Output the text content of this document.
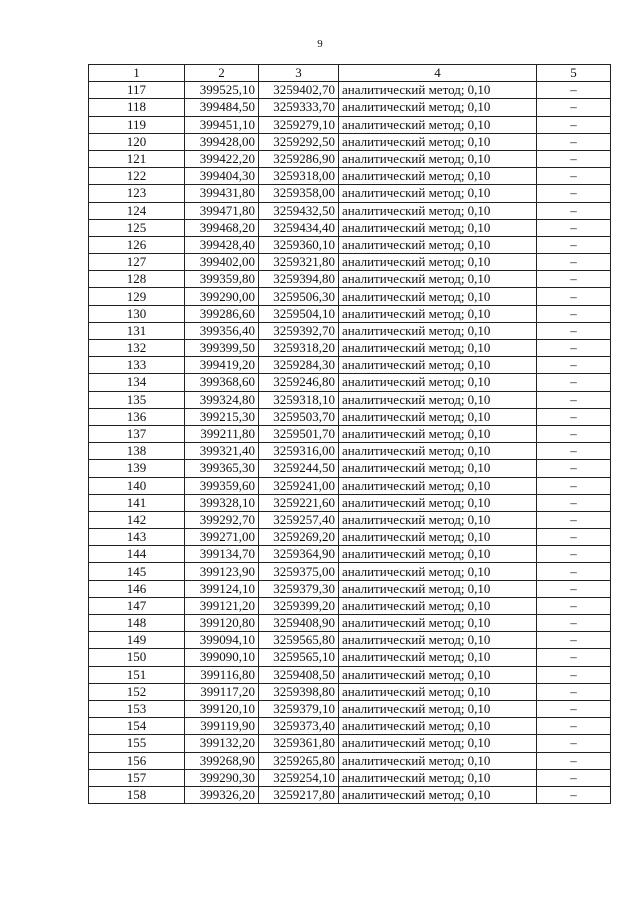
9
1	2	3	4	5
117	399525,10	3259402,70	аналитический метод; 0,10	–
118	399484,50	3259333,70	аналитический метод; 0,10	–
119	399451,10	3259279,10	аналитический метод; 0,10	–
120	399428,00	3259292,50	аналитический метод; 0,10	–
121	399422,20	3259286,90	аналитический метод; 0,10	–
122	399404,30	3259318,00	аналитический метод; 0,10	–
123	399431,80	3259358,00	аналитический метод; 0,10	–
124	399471,80	3259432,50	аналитический метод; 0,10	–
125	399468,20	3259434,40	аналитический метод; 0,10	–
126	399428,40	3259360,10	аналитический метод; 0,10	–
127	399402,00	3259321,80	аналитический метод; 0,10	–
128	399359,80	3259394,80	аналитический метод; 0,10	–
129	399290,00	3259506,30	аналитический метод; 0,10	–
130	399286,60	3259504,10	аналитический метод; 0,10	–
131	399356,40	3259392,70	аналитический метод; 0,10	–
132	399399,50	3259318,20	аналитический метод; 0,10	–
133	399419,20	3259284,30	аналитический метод; 0,10	–
134	399368,60	3259246,80	аналитический метод; 0,10	–
135	399324,80	3259318,10	аналитический метод; 0,10	–
136	399215,30	3259503,70	аналитический метод; 0,10	–
137	399211,80	3259501,70	аналитический метод; 0,10	–
138	399321,40	3259316,00	аналитический метод; 0,10	–
139	399365,30	3259244,50	аналитический метод; 0,10	–
140	399359,60	3259241,00	аналитический метод; 0,10	–
141	399328,10	3259221,60	аналитический метод; 0,10	–
142	399292,70	3259257,40	аналитический метод; 0,10	–
143	399271,00	3259269,20	аналитический метод; 0,10	–
144	399134,70	3259364,90	аналитический метод; 0,10	–
145	399123,90	3259375,00	аналитический метод; 0,10	–
146	399124,10	3259379,30	аналитический метод; 0,10	–
147	399121,20	3259399,20	аналитический метод; 0,10	–
148	399120,80	3259408,90	аналитический метод; 0,10	–
149	399094,10	3259565,80	аналитический метод; 0,10	–
150	399090,10	3259565,10	аналитический метод; 0,10	–
151	399116,80	3259408,50	аналитический метод; 0,10	–
152	399117,20	3259398,80	аналитический метод; 0,10	–
153	399120,10	3259379,10	аналитический метод; 0,10	–
154	399119,90	3259373,40	аналитический метод; 0,10	–
155	399132,20	3259361,80	аналитический метод; 0,10	–
156	399268,90	3259265,80	аналитический метод; 0,10	–
157	399290,30	3259254,10	аналитический метод; 0,10	–
158	399326,20	3259217,80	аналитический метод; 0,10	–
